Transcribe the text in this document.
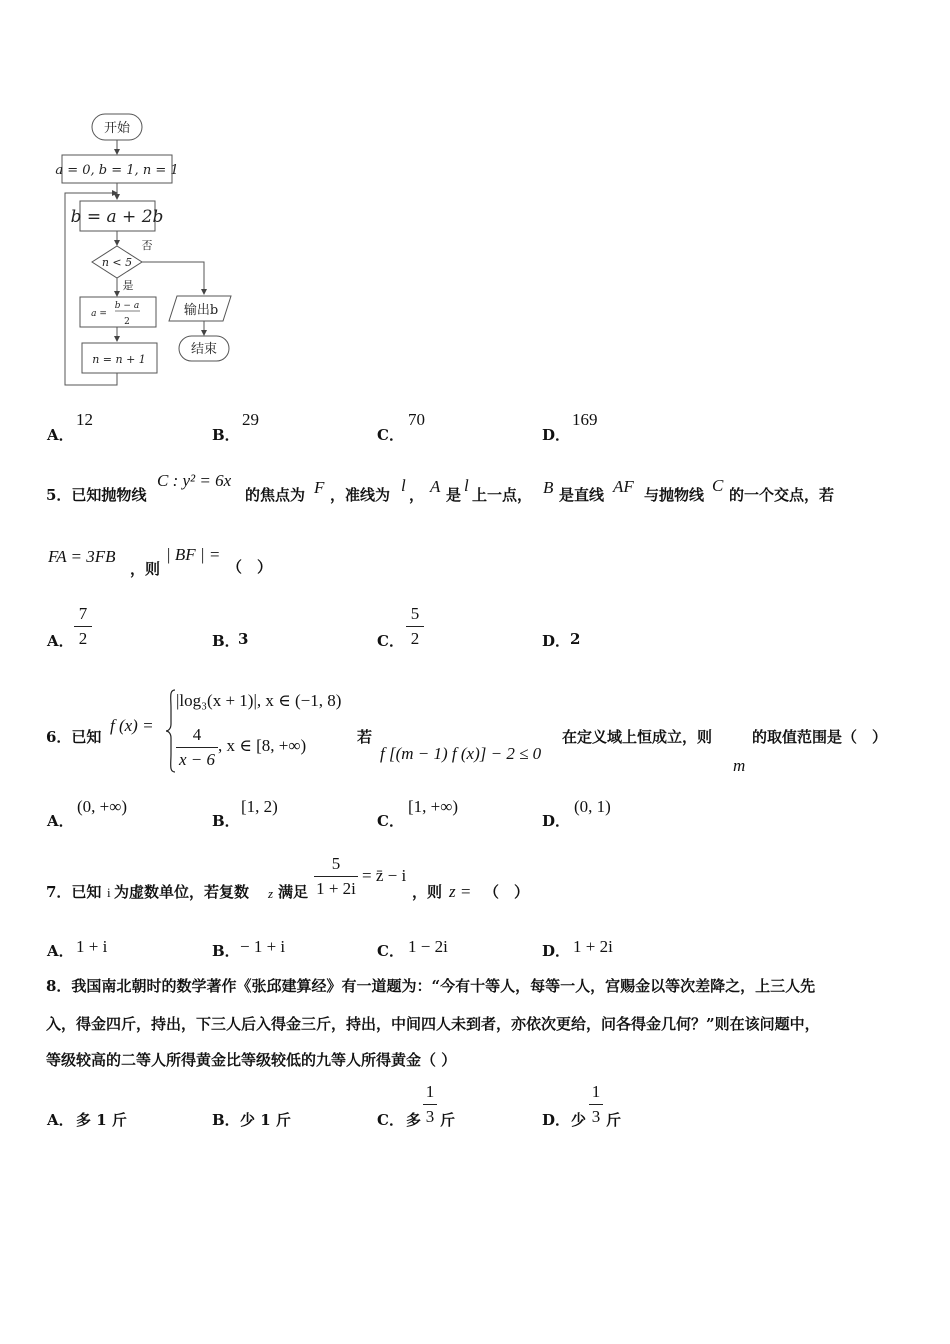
开始
a = 0, b = 1, n = 1
b = a + 2b
n < 5
否
是
a =
b − a
2
n = n + 1
输出b
结束
A．
12
B．
29
C．
70
D．
169
5．已知抛物线
C : y² = 6x
的焦点为 F ，准线为 l ， A 是 l 上一点， B 是直线 AF 与抛物线 C 的一个交点，若
FA = 3FB
，则
| BF | =
（　）
A．
7
2	B．
3	C．
5
2	D． 2
6．已知
f (x) =
|log₃(x + 1)|, x ∈ (−1, 8)
4
x − 6
, x ∈ [8, +∞)	若
f [(m − 1) f (x)] − 2 ≤ 0
在定义域上恒成立，则
m
的取值范围是（　）
A．
(0, +∞)
B．
[1, 2)
C．
[1, +∞)
D．
(0, 1)
7．已知 i 为虚数单位，若复数 z 满足
5
1 + 2i
= z̄ − i
，则 z = （　）
A． 1 + i	B． − 1 + i	C． 1 − 2i	D． 1 + 2i
8．我国南北朝时的数学著作《张邱建算经》有一道题为：“今有十等人，每等一人，宫赐金以等次差降之，上三人先
入，得金四斤，持出，下三人后入得金三斤，持出，中间四人未到者，亦依次更给，问各得金几何？”则在该问题中，
等级较高的二等人所得黄金比等级较低的九等人所得黄金（ ）
A． 多 1 斤	B． 少 1 斤	C． 多
1
3 斤	D． 少
1
3 斤
